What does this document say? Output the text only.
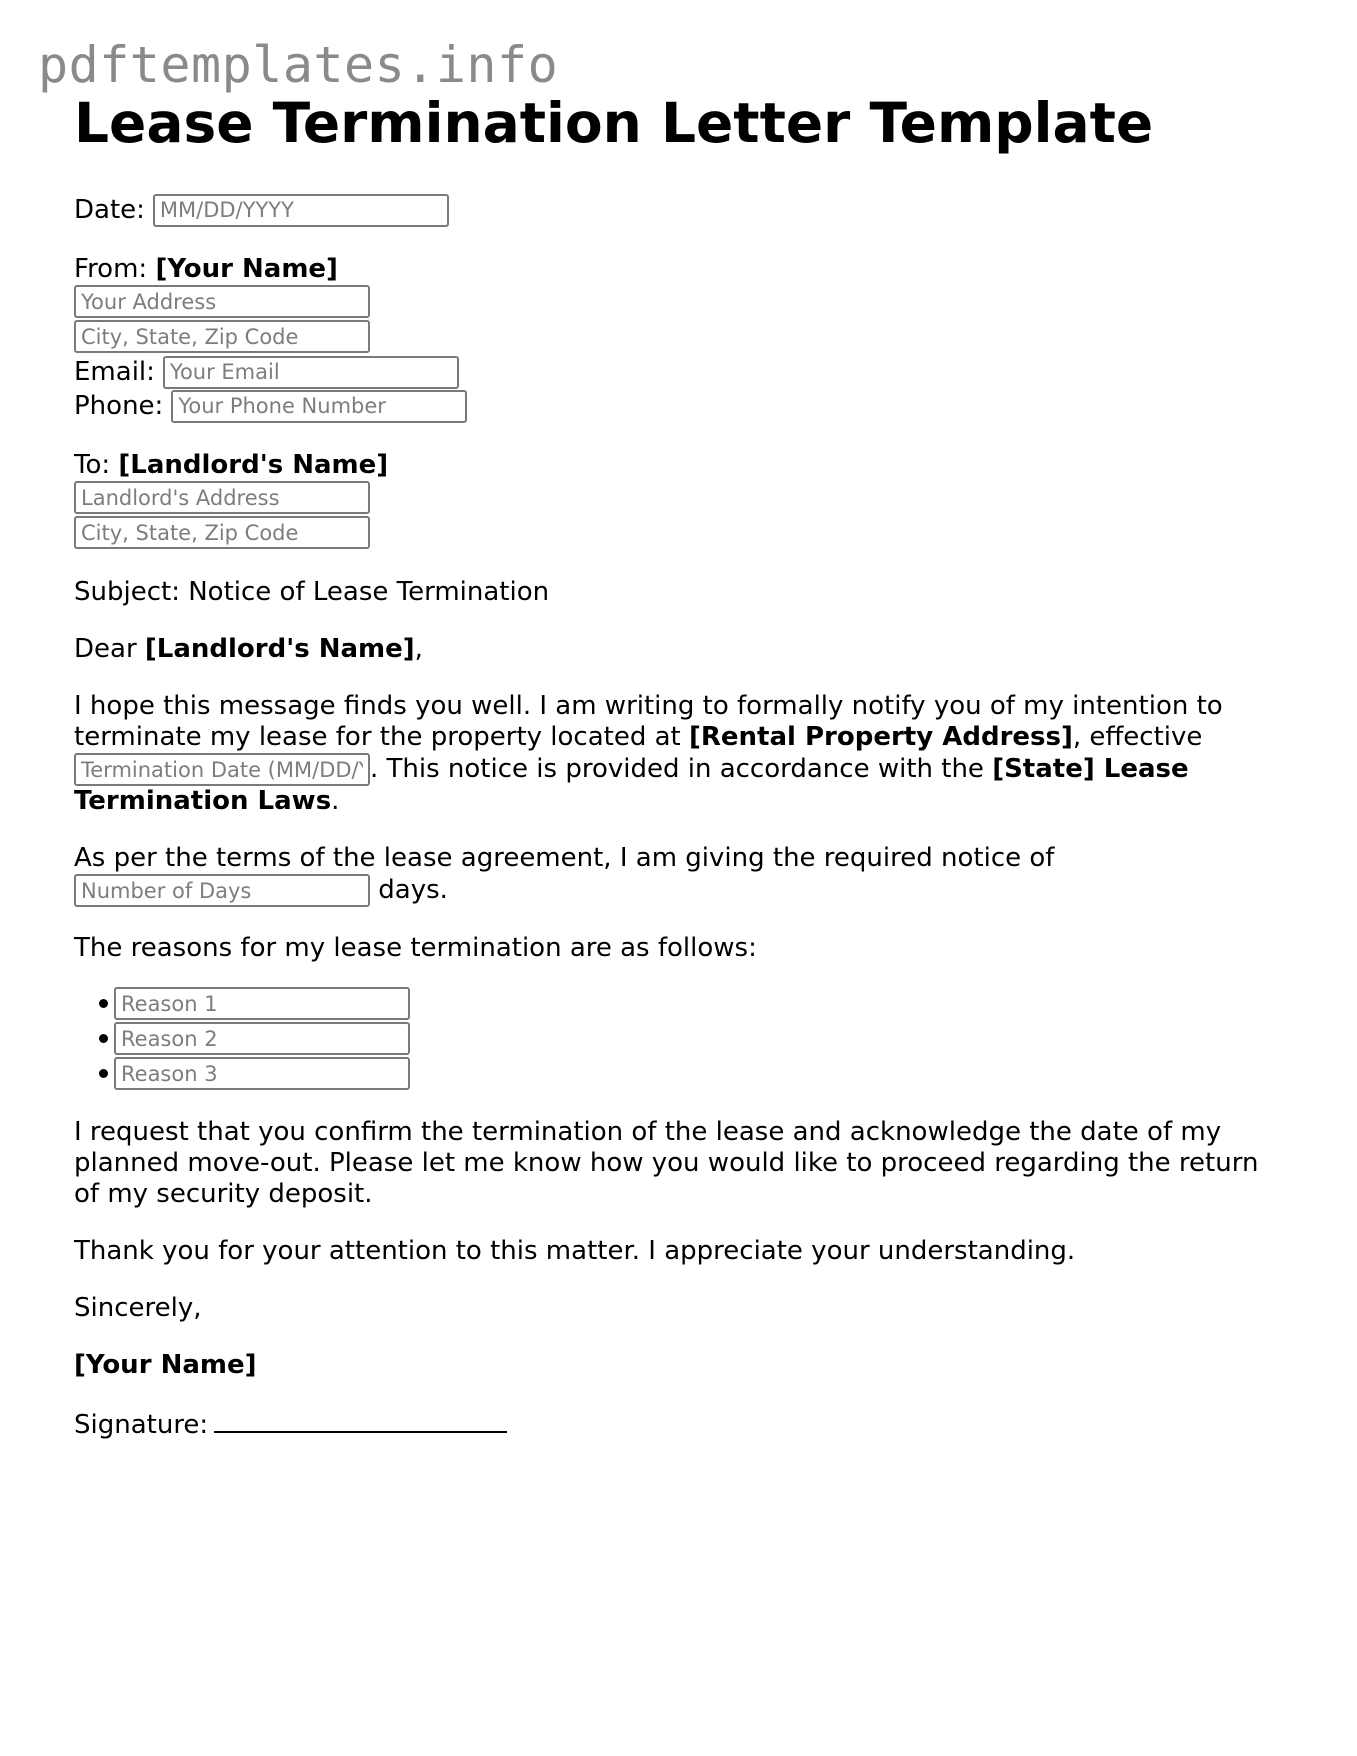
pdftemplates.info
Lease Termination Letter Template
Date:
MM/DD/YYYY
From: [Your Name]
Your Address
City, State, Zip Code
Email:
Your Email
Phone:
Your Phone Number
To: [Landlord's Name]
Landlord's Address
City, State, Zip Code

Subject: Notice of Lease Termination

Dear [Landlord's Name],

I hope this message finds you well. I am writing to formally notify you of my intention to terminate my lease for the property located at [Rental Property Address], effective Termination Date (MM/DD/YYYY). This notice is provided in accordance with the [State] Lease Termination Laws.

As per the terms of the lease agreement, I am giving the required notice of
Number of Days days.

The reasons for my lease termination are as follows:

Reason 1
Reason 2
Reason 3

I request that you confirm the termination of the lease and acknowledge the date of my planned move-out. Please let me know how you would like to proceed regarding the return of my security deposit.

Thank you for your attention to this matter. I appreciate your understanding.

Sincerely,

[Your Name]

Signature:
